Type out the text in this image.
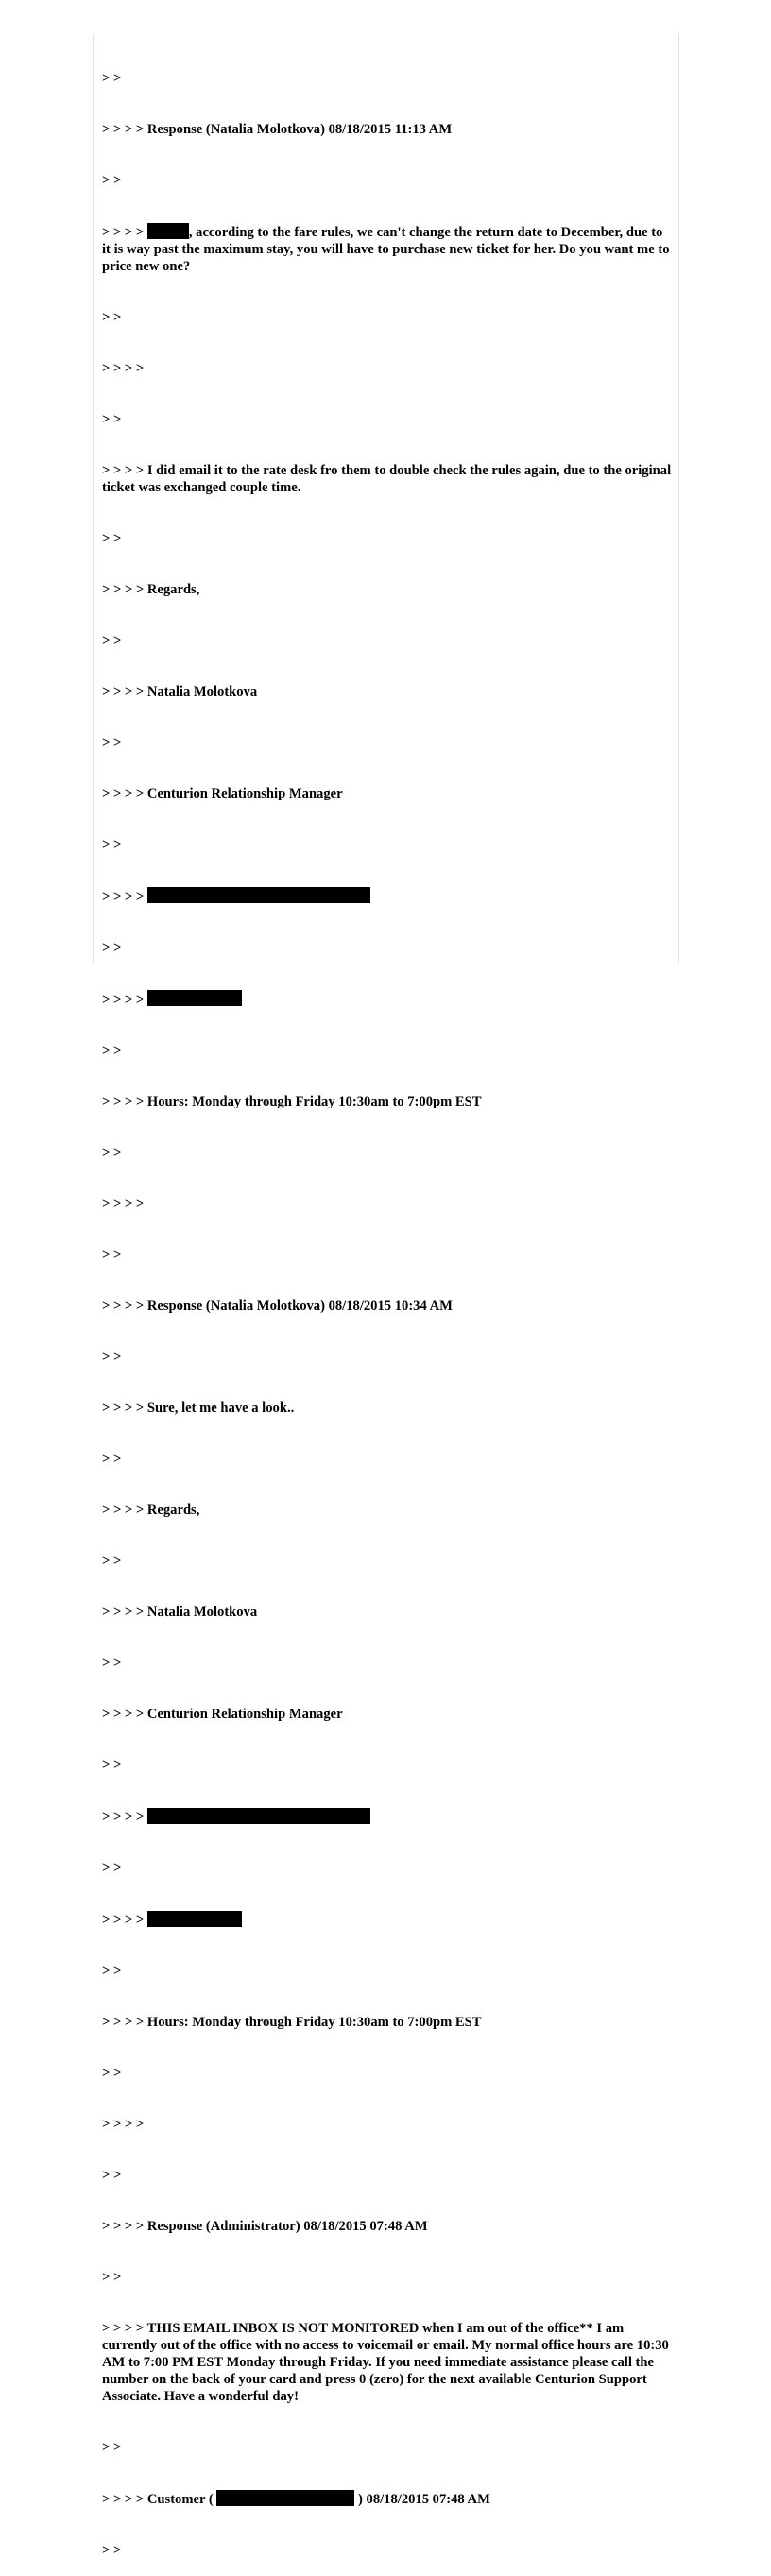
> >

> > > > Response (Natalia Molotkova) 08/18/2015 11:13 AM

> >

> > > >	, according to the fare rules, we can't change the return date to December, due to it is way past the maximum stay, you will have to purchase new ticket for her. Do you want me to price new one?

> >

> > > >

> >

> > > > I did email it to the rate desk fro them to double check the rules again, due to the original ticket was exchanged couple time.

> >

> > > > Regards,

> >

> > > > Natalia Molotkova

> >

> > > > Centurion Relationship Manager

> >

> > > >

> >

> > > >

> >

> > > > Hours: Monday through Friday 10:30am to 7:00pm EST

> >

> > > >

> >

> > > > Response (Natalia Molotkova) 08/18/2015 10:34 AM

> >

> > > > Sure, let me have a look..

> >

> > > > Regards,

> >

> > > > Natalia Molotkova

> >

> > > > Centurion Relationship Manager

> >

> > > >

> >

> > > >

> >

> > > > Hours: Monday through Friday 10:30am to 7:00pm EST

> >

> > > >

> >

> > > > Response (Administrator) 08/18/2015 07:48 AM

> >

> > > > THIS EMAIL INBOX IS NOT MONITORED when I am out of the office** I am currently out of the office with no access to voicemail or email. My normal office hours are 10:30 AM to 7:00 PM EST Monday through Friday. If you need immediate assistance please call the number on the back of your card and press 0 (zero) for the next available Centurion Support Associate. Have a wonderful day!

> >

> > > > Customer (	) 08/18/2015 07:48 AM

> >
